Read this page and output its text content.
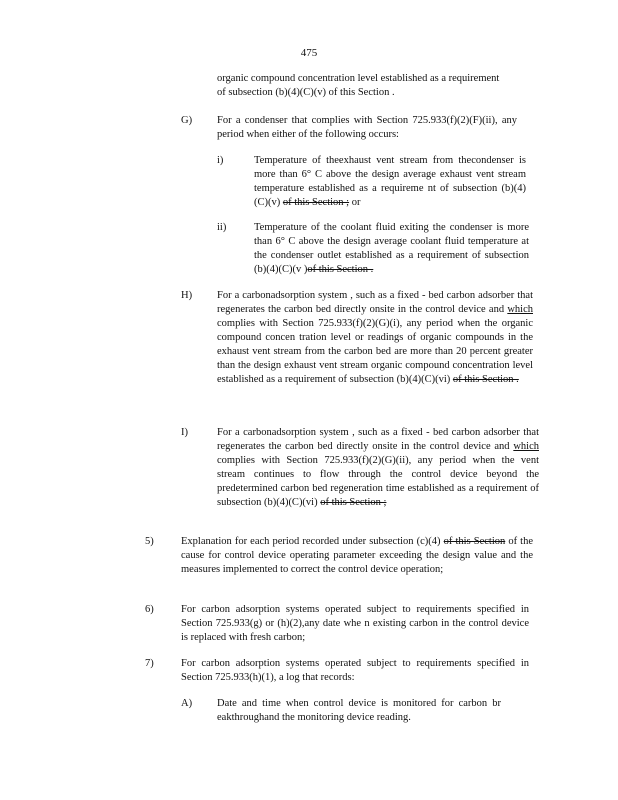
475
organic compound concentration level established as a requirement
of subsection (b)(4)(C)(v) of this Section .
G) For a condenser that complies with Section 725.933(f)(2)(F)(ii), any period when either of the following occurs:
i)	Temperature of theexhaust vent stream from thecondenser is more than 6° C above the design average exhaust vent stream temperature established as a requireme nt of subsection (b)(4)(C)(v) of this Section ; or
ii)	Temperature of the coolant fluid exiting the condenser is more than 6° C above the design average coolant fluid temperature at the condenser outlet established as a requirement of subsection (b)(4)(C)(v )of this Section .
H) For a carbonadsorption system , such as a fixed - bed carbon adsorber that regenerates the carbon bed directly onsite in the control device and which complies with Section 725.933(f)(2)(G)(i), any period when the organic compound concen tration level or readings of organic compounds in the exhaust vent stream from the carbon bed are more than 20 percent greater than the design exhaust vent stream organic compound concentration level established as a requirement of subsection (b)(4)(C)(vi) of this Section .
I)	For a carbonadsorption system , such as a fixed - bed carbon adsorber that regenerates the carbon bed directly onsite in the control device and which complies with Section 725.933(f)(2)(G)(ii), any period when the vent stream continues to flow through the control device beyond the predetermined carbon bed regeneration time established as a requirement of subsection (b)(4)(C)(vi) of this Section ;
5)	Explanation for each period recorded under subsection (c)(4) of this Section of the cause for control device operating parameter exceeding the design value and the measures implemented to correct the control device operation;
6)	For carbon adsorption systems operated subject to requirements specified in Section 725.933(g) or (h)(2),any date whe n existing carbon in the control device is replaced with fresh carbon;
7)	For carbon adsorption systems operated subject to requirements specified in Section 725.933(h)(1), a log that records:
A) Date and time when control device is monitored for carbon br eakthroughand the monitoring device reading.
